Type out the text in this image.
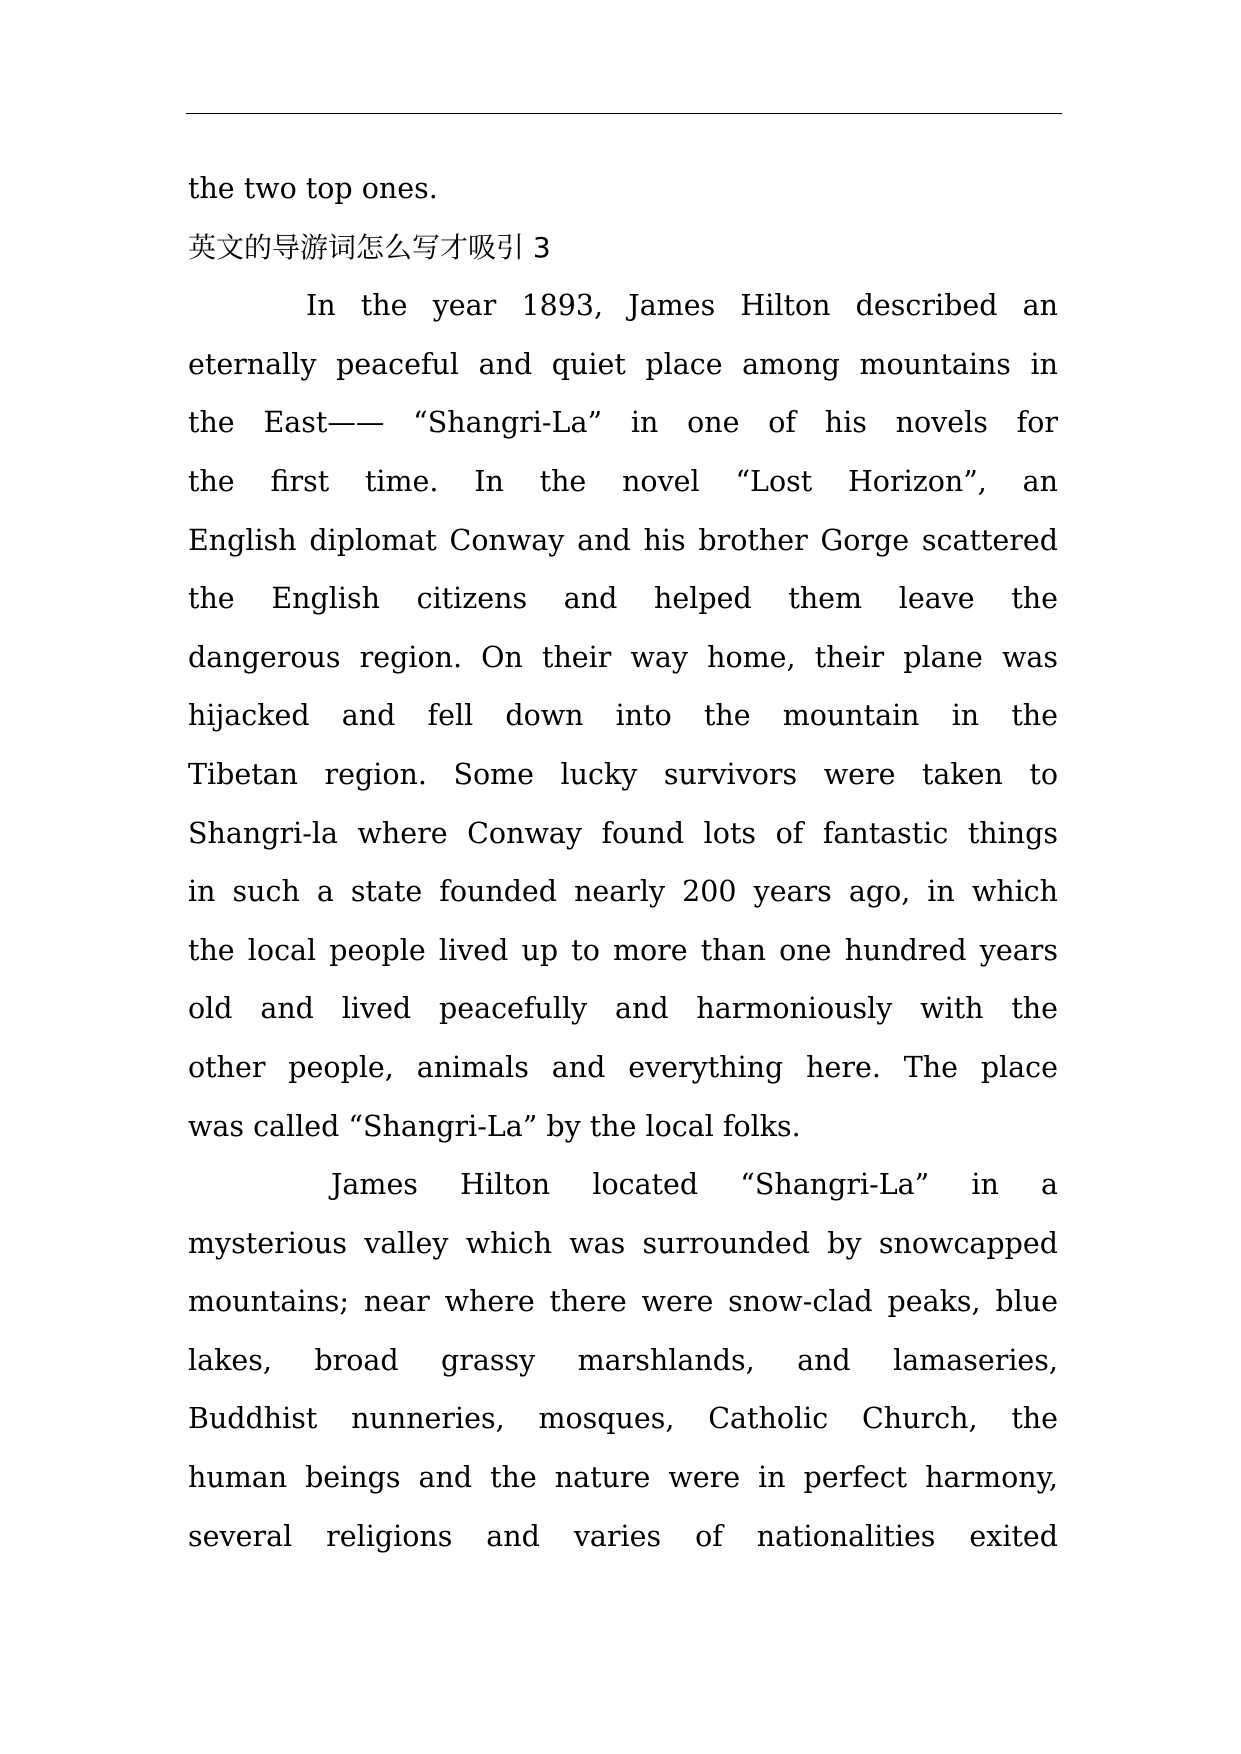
the two top ones.

英文的导游词怎么写才吸引 3

In the year 1893, James Hilton described an
eternally peaceful and quiet place among mountains in
the East—— “Shangri-La” in one of his novels for
the first time. In the novel “Lost Horizon”, an
English diplomat Conway and his brother Gorge scattered
the English citizens and helped them leave the
dangerous region. On their way home, their plane was
hijacked and fell down into the mountain in the
Tibetan region. Some lucky survivors were taken to
Shangri-la where Conway found lots of fantastic things
in such a state founded nearly 200 years ago, in which
the local people lived up to more than one hundred years
old and lived peacefully and harmoniously with the
other people, animals and everything here. The place
was called “Shangri-La” by the local folks.
James Hilton located “Shangri-La” in a
mysterious valley which was surrounded by snowcapped
mountains; near where there were snow-clad peaks, blue
lakes, broad grassy marshlands, and lamaseries,
Buddhist nunneries, mosques, Catholic Church, the
human beings and the nature were in perfect harmony,
several religions and varies of nationalities exited
